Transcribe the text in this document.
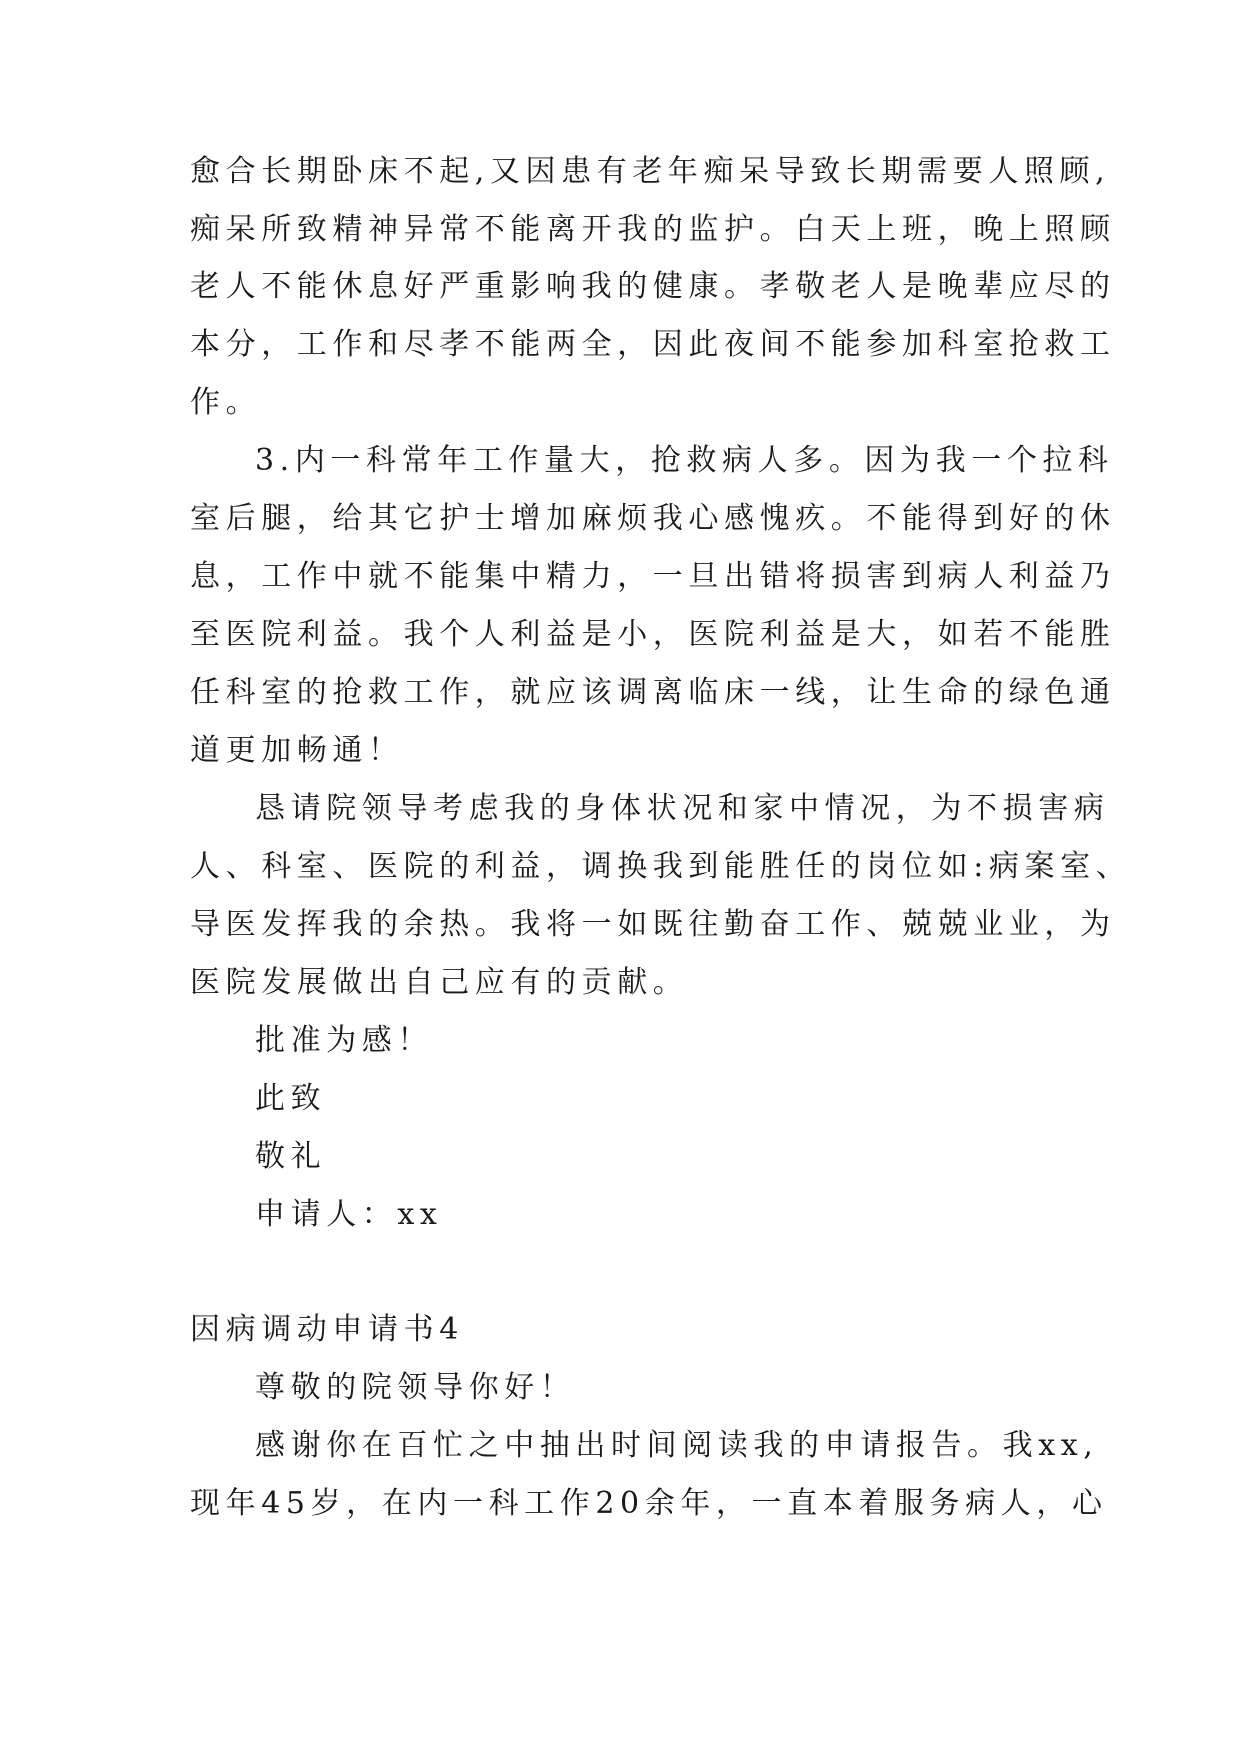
愈合长期卧床不起,又因患有老年痴呆导致长期需要人照顾,
痴呆所致精神异常不能离开我的监护。白天上班，晚上照顾
老人不能休息好严重影响我的健康。孝敬老人是晚辈应尽的
本分，工作和尽孝不能两全，因此夜间不能参加科室抢救工
作。
3.内一科常年工作量大，抢救病人多。因为我一个拉科
室后腿，给其它护士增加麻烦我心感愧疚。不能得到好的休
息，工作中就不能集中精力，一旦出错将损害到病人利益乃
至医院利益。我个人利益是小，医院利益是大，如若不能胜
任科室的抢救工作，就应该调离临床一线，让生命的绿色通
道更加畅通！
恳请院领导考虑我的身体状况和家中情况，为不损害病
人、科室、医院的利益，调换我到能胜任的岗位如:病案室、
导医发挥我的余热。我将一如既往勤奋工作、兢兢业业，为
医院发展做出自己应有的贡献。
批准为感！
此致
敬礼
申请人：xx
因病调动申请书4
尊敬的院领导你好！
感谢你在百忙之中抽出时间阅读我的申请报告。我xx,
现年45岁，在内一科工作20余年，一直本着服务病人，心
